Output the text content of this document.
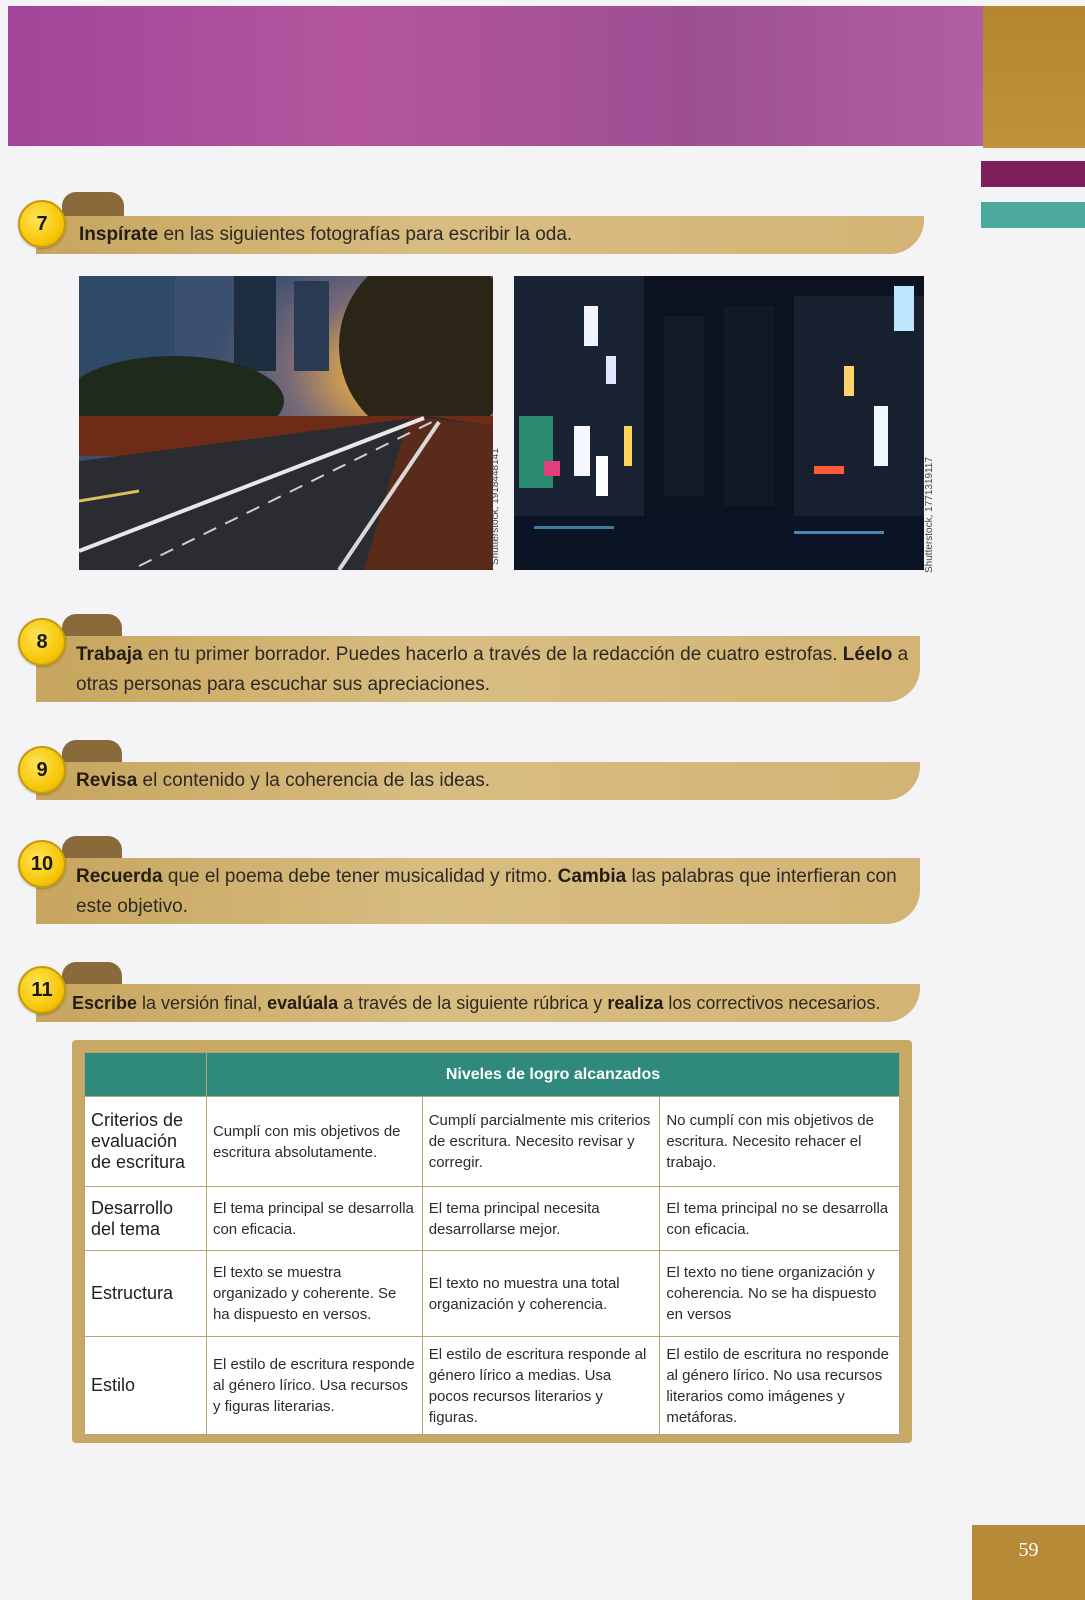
Inspírate en las siguientes fotografías para escribir la oda.
7
Shutterstock, 1918448141	Shutterstock, 1771319117
Trabaja en tu primer borrador. Puedes hacerlo a través de la redacción de cuatro estrofas. Léelo a otras personas para escuchar sus apreciaciones.
8
Revisa el contenido y la coherencia de las ideas.
9
Recuerda que el poema debe tener musicalidad y ritmo. Cambia las palabras que interfieran con este objetivo.
10
Escribe la versión final, evalúala a través de la siguiente rúbrica y realiza los correctivos necesarios.
11
	Niveles de logro alcanzados		
Criterios de evaluación de escritura	Cumplí con mis objetivos de escritura absolutamente.	Cumplí parcialmente mis criterios de escritura. Necesito revisar y corregir.	No cumplí con mis objetivos de escritura. Necesito rehacer el trabajo.
Desarrollo del tema	El tema principal se desarrolla con eficacia.	El tema principal necesita desarrollarse mejor.	El tema principal no se desarrolla con eficacia.
Estructura	El texto se muestra organizado y coherente. Se ha dispuesto en versos.	El texto no muestra una total organización y coherencia.	El texto no tiene organización y coherencia. No se ha dispuesto en versos
Estilo	El estilo de escritura responde al género lírico. Usa recursos y figuras literarias.	El estilo de escritura responde al género lírico a medias. Usa pocos recursos literarios y figuras.	El estilo de escritura no responde al género lírico. No usa recursos literarios como imágenes y metáforas.
59
